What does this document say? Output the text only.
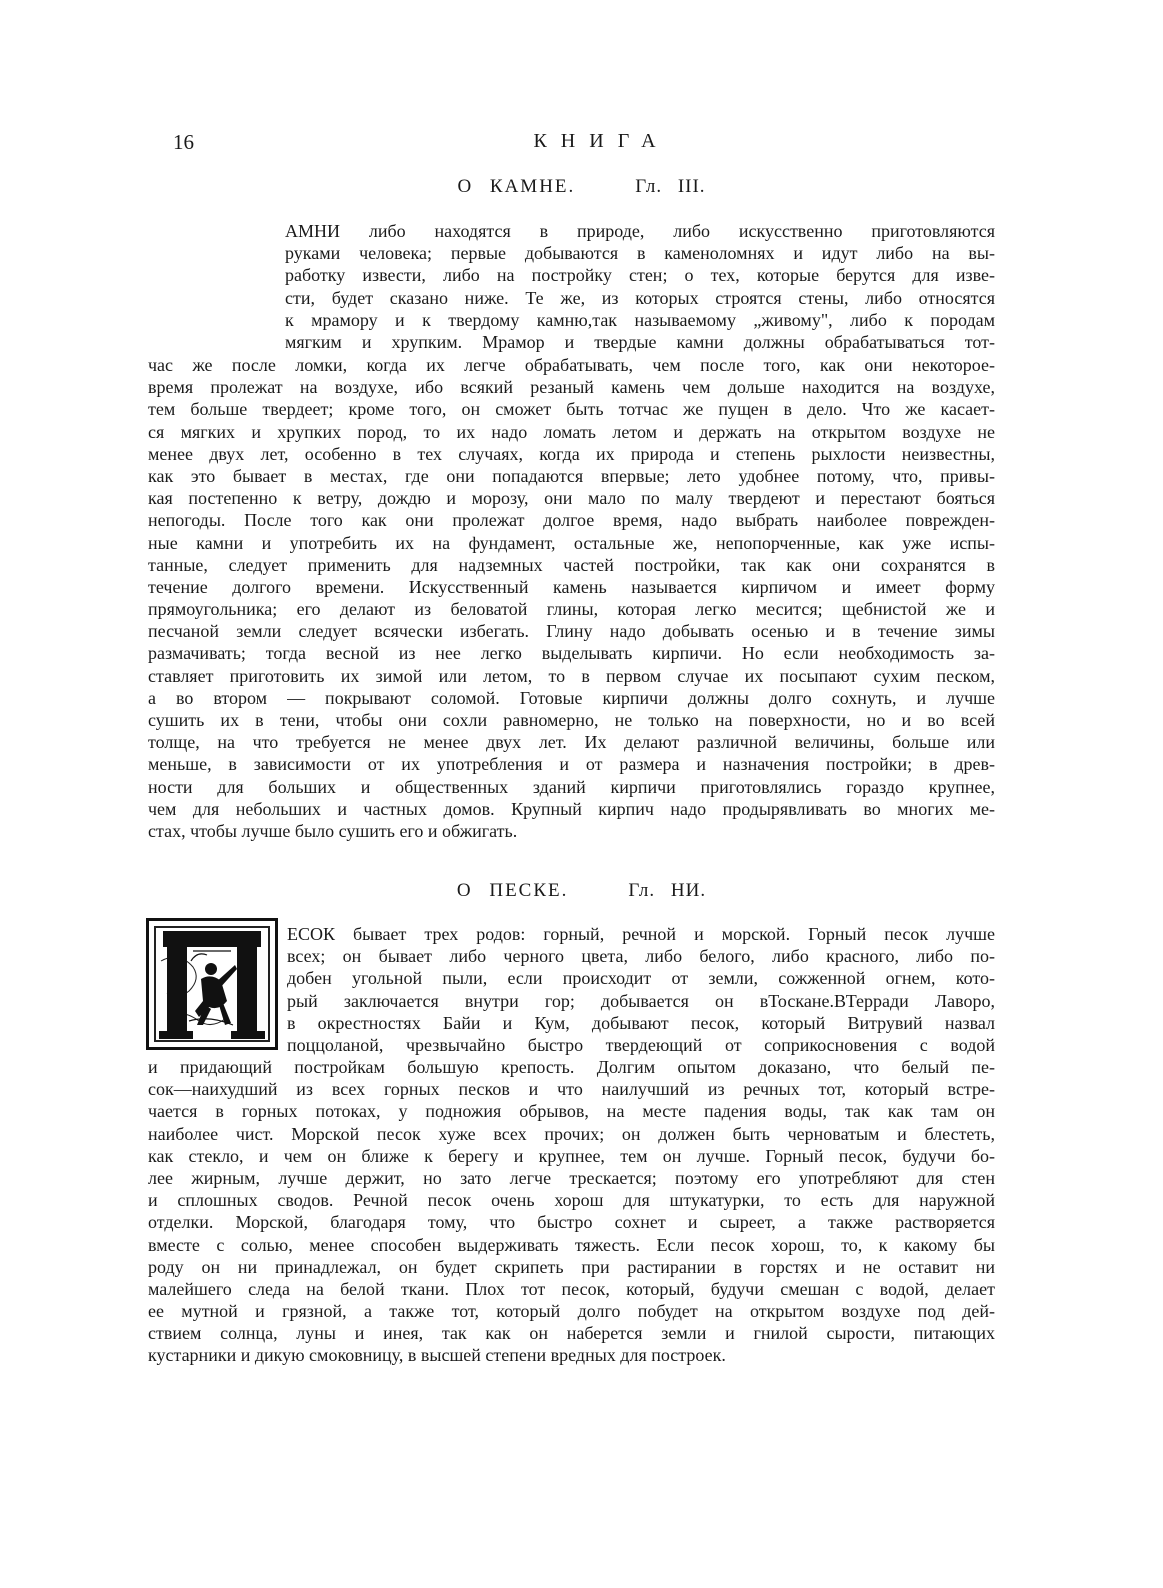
16	КНИГА
О КАМНЕ.	Гл. III.
АМНИ либо находятся в природе, либо искусственно приготовляются
руками человека; первые добываются в каменоломнях и идут либо на вы-
работку извести, либо на постройку стен; о тех, которые берутся для изве-
сти, будет сказано ниже. Те же, из которых строятся стены, либо относятся
к мрамору и к твердому камню,так называемому „живому", либо к породам
мягким и хрупким. Мрамор и твердые камни должны обрабатываться тот-
час же после ломки, когда их легче обрабатывать, чем после того, как они некоторое-
время пролежат на воздухе, ибо всякий резаный камень чем дольше находится на воздухе,
тем больше твердеет; кроме того, он сможет быть тотчас же пущен в дело. Что же касает-
ся мягких и хрупких пород, то их надо ломать летом и держать на открытом воздухе не
менее двух лет, особенно в тех случаях, когда их природа и степень рыхлости неизвестны,
как это бывает в местах, где они попадаются впервые; лето удобнее потому, что, привы-
кая постепенно к ветру, дождю и морозу, они мало по малу твердеют и перестают бояться
непогоды. После того как они пролежат долгое время, надо выбрать наиболее поврежден-
ные камни и употребить их на фундамент, остальные же, непопорченные, как уже испы-
танные, следует применить для надземных частей постройки, так как они сохранятся в
течение долгого времени. Искусственный камень называется кирпичом и имеет форму
прямоугольника; его делают из беловатой глины, которая легко месится; щебнистой же и
песчаной земли следует всячески избегать. Глину надо добывать осенью и в течение зимы
размачивать; тогда весной из нее легко выделывать кирпичи. Но если необходимость за-
ставляет приготовить их зимой или летом, то в первом случае их посыпают сухим песком,
а во втором — покрывают соломой. Готовые кирпичи должны долго сохнуть, и лучше
сушить их в тени, чтобы они сохли равномерно, не только на поверхности, но и во всей
толще, на что требуется не менее двух лет. Их делают различной величины, больше или
меньше, в зависимости от их употребления и от размера и назначения постройки; в древ-
ности для больших и общественных зданий кирпичи приготовлялись гораздо крупнее,
чем для небольших и частных домов. Крупный кирпич надо продырявливать во многих ме-
стах, чтобы лучше было сушить его и обжигать.
О ПЕСКЕ.	Гл. НИ.
ЕСОК бывает трех родов: горный, речной и морской. Горный песок лучше
всех; он бывает либо черного цвета, либо белого, либо красного, либо по-
добен угольной пыли, если происходит от земли, сожженной огнем, кото-
рый заключается внутри гор; добывается он вТоскане.ВТерради Лаворо,
в окрестностях Байи и Кум, добывают песок, который Витрувий назвал
поццоланой, чрезвычайно быстро твердеющий от соприкосновения с водой
и придающий постройкам большую крепость. Долгим опытом доказано, что белый пе-
сок—наихудший из всех горных песков и что наилучший из речных тот, который встре-
чается в горных потоках, у подножия обрывов, на месте падения воды, так как там он
наиболее чист. Морской песок хуже всех прочих; он должен быть черноватым и блестеть,
как стекло, и чем он ближе к берегу и крупнее, тем он лучше. Горный песок, будучи бо-
лее жирным, лучше держит, но зато легче трескается; поэтому его употребляют для стен
и сплошных сводов. Речной песок очень хорош для штукатурки, то есть для наружной
отделки. Морской, благодаря тому, что быстро сохнет и сыреет, а также растворяется
вместе с солью, менее способен выдерживать тяжесть. Если песок хорош, то, к какому бы
роду он ни принадлежал, он будет скрипеть при растирании в горстях и не оставит ни
малейшего следа на белой ткани. Плох тот песок, который, будучи смешан с водой, делает
ее мутной и грязной, а также тот, который долго побудет на открытом воздухе под дей-
ствием солнца, луны и инея, так как он наберется земли и гнилой сырости, питающих
кустарники и дикую смоковницу, в высшей степени вредных для построек.
